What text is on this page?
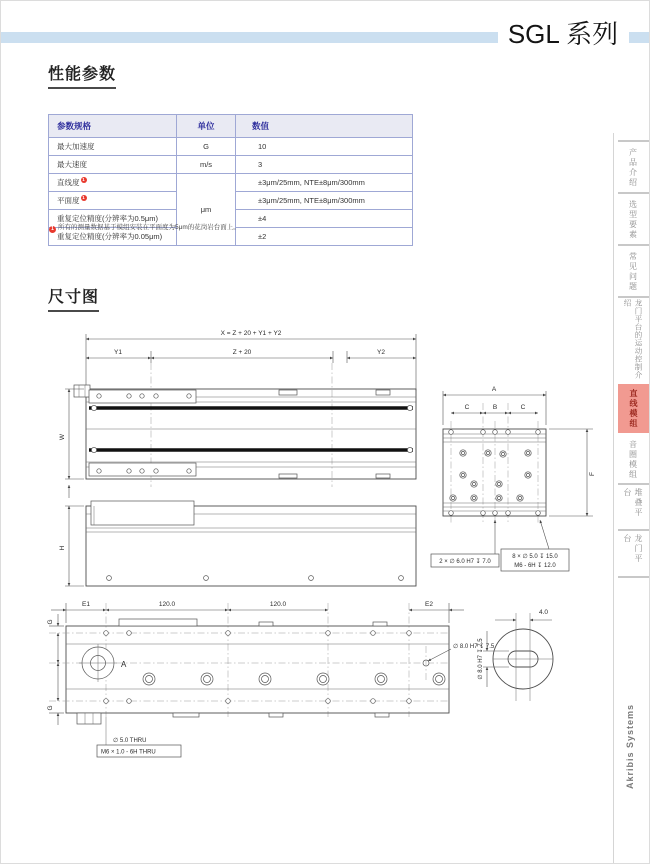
SGL 系列
性能参数
参数规格	单位	数值
最大加速度	G	10
最大速度	m/s	3
直线度 1	μm	±3μm/25mm, NTE±8μm/300mm
平面度 1		±3μm/25mm, NTE±8μm/300mm
重复定位精度(分辨率为0.5μm)		±4
重复定位精度(分辨率为0.05μm)		±2
1 所有的测量数据基于模组安装在平面度为5μm的花岗岩台面上。
尺寸图
X = Z + 20 + Y1 + Y2
Y1	Z + 20	Y2
W
H
A
C	B	C
F
2 × ∅ 6.0 H7 ↧ 7.0
8 × ∅ 5.0 ↧ 15.0
M6 - 6H ↧ 12.0
E1	120.0	120.0	E2
A
∅ 8.0 H7 ↧ 7.5
G
G
∅ 5.0 THRU
M6 × 1.0 - 6H THRU
4.0
∅ 8.0 H7 ↧ 7.5
产品介绍
选型要素
常见问题
龙门平台的运动控制介绍
直线模组
音圈模组
堆叠平台
龙门平台
Akribis Systems
